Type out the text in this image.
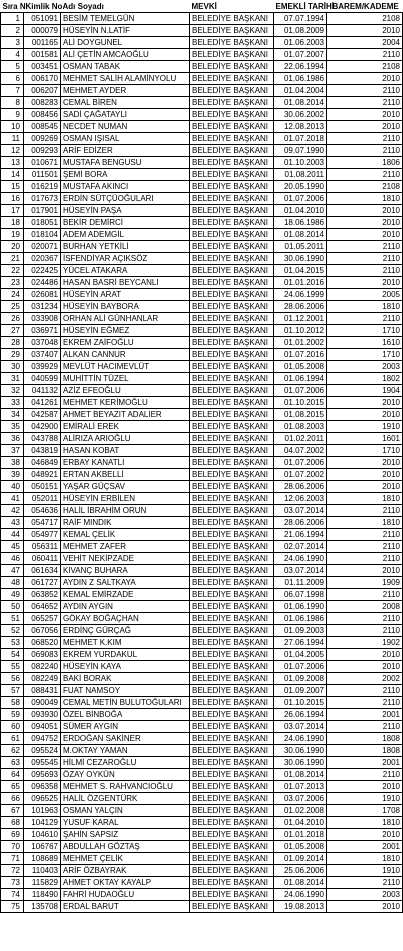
Sıra N	Kimlik No	Adı Soyadı	MEVKİ	EMEKLİ TARİHİ	BAREM/KADEME
1	051091	BESİM TEMELGÜN	BELEDİYE BAŞKANI	07.07.1994	2108
2	000079	HÜSEYİN N.LATİF	BELEDİYE BAŞKANI	01.08.2009	2010
3	001165	ALİ DOYGUNEL	BELEDİYE BAŞKANI	01.06.2003	2004
4	001581	ALİ ÇETİN AMCAOĞLU	BELEDİYE BAŞKANI	01.07.2007	2110
5	003451	OSMAN TABAK	BELEDİYE BAŞKANI	22.06.1994	2108
6	006170	MEHMET SALİH ALAMİNYOLU	BELEDİYE BAŞKANI	01.06.1986	2010
7	006207	MEHMET AYDER	BELEDİYE BAŞKANI	01.04.2004	2110
8	008283	CEMAL BİREN	BELEDİYE BAŞKANI	01.08.2014	2110
9	008456	SADİ ÇAĞATAYLI	BELEDİYE BAŞKANI	30.06.2002	2010
10	008545	NECDET NUMAN	BELEDİYE BAŞKANI	12.08.2013	2010
11	009269	OSMAN IŞISAL	BELEDİYE BAŞKANI	01.07.2018	2110
12	009293	ARİF EDİZER	BELEDİYE BAŞKANI	09.07.1990	2110
13	010671	MUSTAFA BENGUSU	BELEDİYE BAŞKANI	01.10.2003	1806
14	011501	ŞEMİ BORA	BELEDİYE BAŞKANI	01.08.2011	2110
15	016219	MUSTAFA AKINCI	BELEDİYE BAŞKANI	20.05.1990	2108
16	017673	ERDİN SÜTÇÜOĞULARI	BELEDİYE BAŞKANI	01.07.2006	1810
17	017901	HÜSEYİN PAŞA	BELEDİYE BAŞKANI	01.04.2010	2010
18	018051	BEKİR DEMİRCİ	BELEDİYE BAŞKANI	18.06.1986	2010
19	018104	ADEM ADEMGİL	BELEDİYE BAŞKANI	01.08.2014	2010
20	020071	BURHAN YETKİLİ	BELEDİYE BAŞKANI	01.05.2011	2110
21	020367	İSFENDİYAR AÇIKSÖZ	BELEDİYE BAŞKANI	30.06.1990	2110
22	022425	YÜCEL ATAKARA	BELEDİYE BAŞKANI	01.04.2015	2110
23	024486	HASAN BASRİ BEYCANLI	BELEDİYE BAŞKANI	01.01.2016	2010
24	026081	HÜSEYİN ARAT	BELEDİYE BAŞKANI	24.06.1999	2005
25	031234	HÜSEYİN BAYBORA	BELEDİYE BAŞKANI	28.06.2006	1810
26	033908	ORHAN ALİ GÜNHANLAR	BELEDİYE BAŞKANI	01.12.2001	2110
27	036971	HÜSEYİN EĞMEZ	BELEDİYE BAŞKANI	01.10.2012	1710
28	037048	EKREM ZAİFOĞLU	BELEDİYE BAŞKANI	01.01.2002	1610
29	037407	ALKAN CANNUR	BELEDİYE BAŞKANI	01.07.2016	1710
30	039929	MEVLÜT HACIMEVLÜT	BELEDİYE BAŞKANI	01.05.2008	2003
31	040599	MUHİTTİN TÜZEL	BELEDİYE BAŞKANI	01.06.1994	1802
32	041132	AZİZ EFEOĞLU	BELEDİYE BAŞKANI	01.07.2006	1904
33	041261	MEHMET KERİMOĞLU	BELEDİYE BAŞKANI	01.10.2015	2010
34	042587	AHMET BEYAZIT ADALIER	BELEDİYE BAŞKANI	01.08.2015	2010
35	042900	EMİRALİ EREK	BELEDİYE BAŞKANI	01.08.2003	1910
36	043788	ALİRIZA ARIOĞLU	BELEDİYE BAŞKANI	01.02.2011	1601
37	043819	HASAN KOBAT	BELEDİYE BAŞKANI	04.07.2002	1710
38	046849	ERBAY KANATLI	BELEDİYE BAŞKANI	01.07.2006	2010
39	048921	ERTAN AKBELLİ	BELEDİYE BAŞKANI	01.07.2002	2010
40	050151	YAŞAR GÜÇSAV	BELEDİYE BAŞKANI	28.06.2006	2010
41	052011	HÜSEYİN ERBİLEN	BELEDİYE BAŞKANI	12.06.2003	1810
42	054636	HALİL İBRAHİM ORUN	BELEDİYE BAŞKANI	03.07.2014	2110
43	054717	RAİF MINDIK	BELEDİYE BAŞKANI	28.06.2006	1810
44	054977	KEMAL ÇELİK	BELEDİYE BAŞKANI	21.06.1994	2110
45	056311	MEHMET ZAFER	BELEDİYE BAŞKANI	02.07.2014	2110
46	060411	VEHİT NEKİPZADE	BELEDİYE BAŞKANI	24.06.1990	2110
47	061634	KIVANÇ BUHARA	BELEDİYE BAŞKANI	03.07.2014	2010
48	061727	AYDIN Z SALTKAYA	BELEDİYE BAŞKANI	01.11.2009	1909
49	063852	KEMAL EMİRZADE	BELEDİYE BAŞKANI	06.07.1998	2110
50	064652	AYDIN AYGIN	BELEDİYE BAŞKANI	01.06.1990	2008
51	065257	GÖKAY BOĞAÇHAN	BELEDİYE BAŞKANI	01.06.1986	2110
52	067056	ERDİNÇ GÜRÇAĞ	BELEDİYE BAŞKANI	01.09.2003	2110
53	068520	MEHMET K.KIM	BELEDİYE BAŞKANI	27.06.1994	1902
54	069083	EKREM YURDAKUL	BELEDİYE BAŞKANI	01.04.2005	2010
55	082240	HÜSEYİN KAYA	BELEDİYE BAŞKANI	01.07.2006	2010
56	082249	BAKİ BORAK	BELEDİYE BAŞKANI	01.09.2008	2002
57	088431	FUAT NAMSOY	BELEDİYE BAŞKANI	01.09.2007	2110
58	090049	CEMAL METİN BULUTOĞULARI	BELEDİYE BAŞKANI	01.10.2015	2110
59	093930	ÖZEL BİNBOĞA	BELEDİYE BAŞKANI	26.06.1994	2001
60	094051	SÜMER AYGIN	BELEDİYE BAŞKANI	03.07.2014	2110
61	094752	ERDOĞAN SAKİNER	BELEDİYE BAŞKANI	24.06.1990	1808
62	095524	M.OKTAY YAMAN	BELEDİYE BAŞKANI	30.06.1990	1808
63	095545	HİLMİ CEZAROĞLU	BELEDİYE BAŞKANI	30.06.1990	2001
64	095693	ÖZAY OYKÜN	BELEDİYE BAŞKANI	01.08.2014	2110
65	096358	MEHMET S. RAHVANCIOĞLU	BELEDİYE BAŞKANI	01.07.2013	2010
66	096525	HALİL ÖZGENTÜRK	BELEDİYE BAŞKANI	03.07.2006	1910
67	101963	OSMAN YALÇIN	BELEDİYE BAŞKANI	01.02.2008	1708
68	104129	YUSUF KARAL	BELEDİYE BAŞKANI	01.04.2010	1810
69	104610	ŞAHİN SAPSIZ	BELEDİYE BAŞKANI	01.01.2018	2010
70	106767	ABDULLAH GÖZTAŞ	BELEDİYE BAŞKANI	01.05.2008	2001
71	108689	MEHMET ÇELİK	BELEDİYE BAŞKANI	01.09.2014	1810
72	110403	ARİF ÖZBAYRAK	BELEDİYE BAŞKANI	25.06.2006	1910
73	115829	AHMET OKTAY KAYALP	BELEDİYE BAŞKANI	01.08.2014	2110
74	118490	FAHRİ HUDAOĞLU	BELEDİYE BAŞKANI	24.06.1990	2003
75	135708	ERDAL BARUT	BELEDİYE BAŞKANI	19.08.2013	2010
